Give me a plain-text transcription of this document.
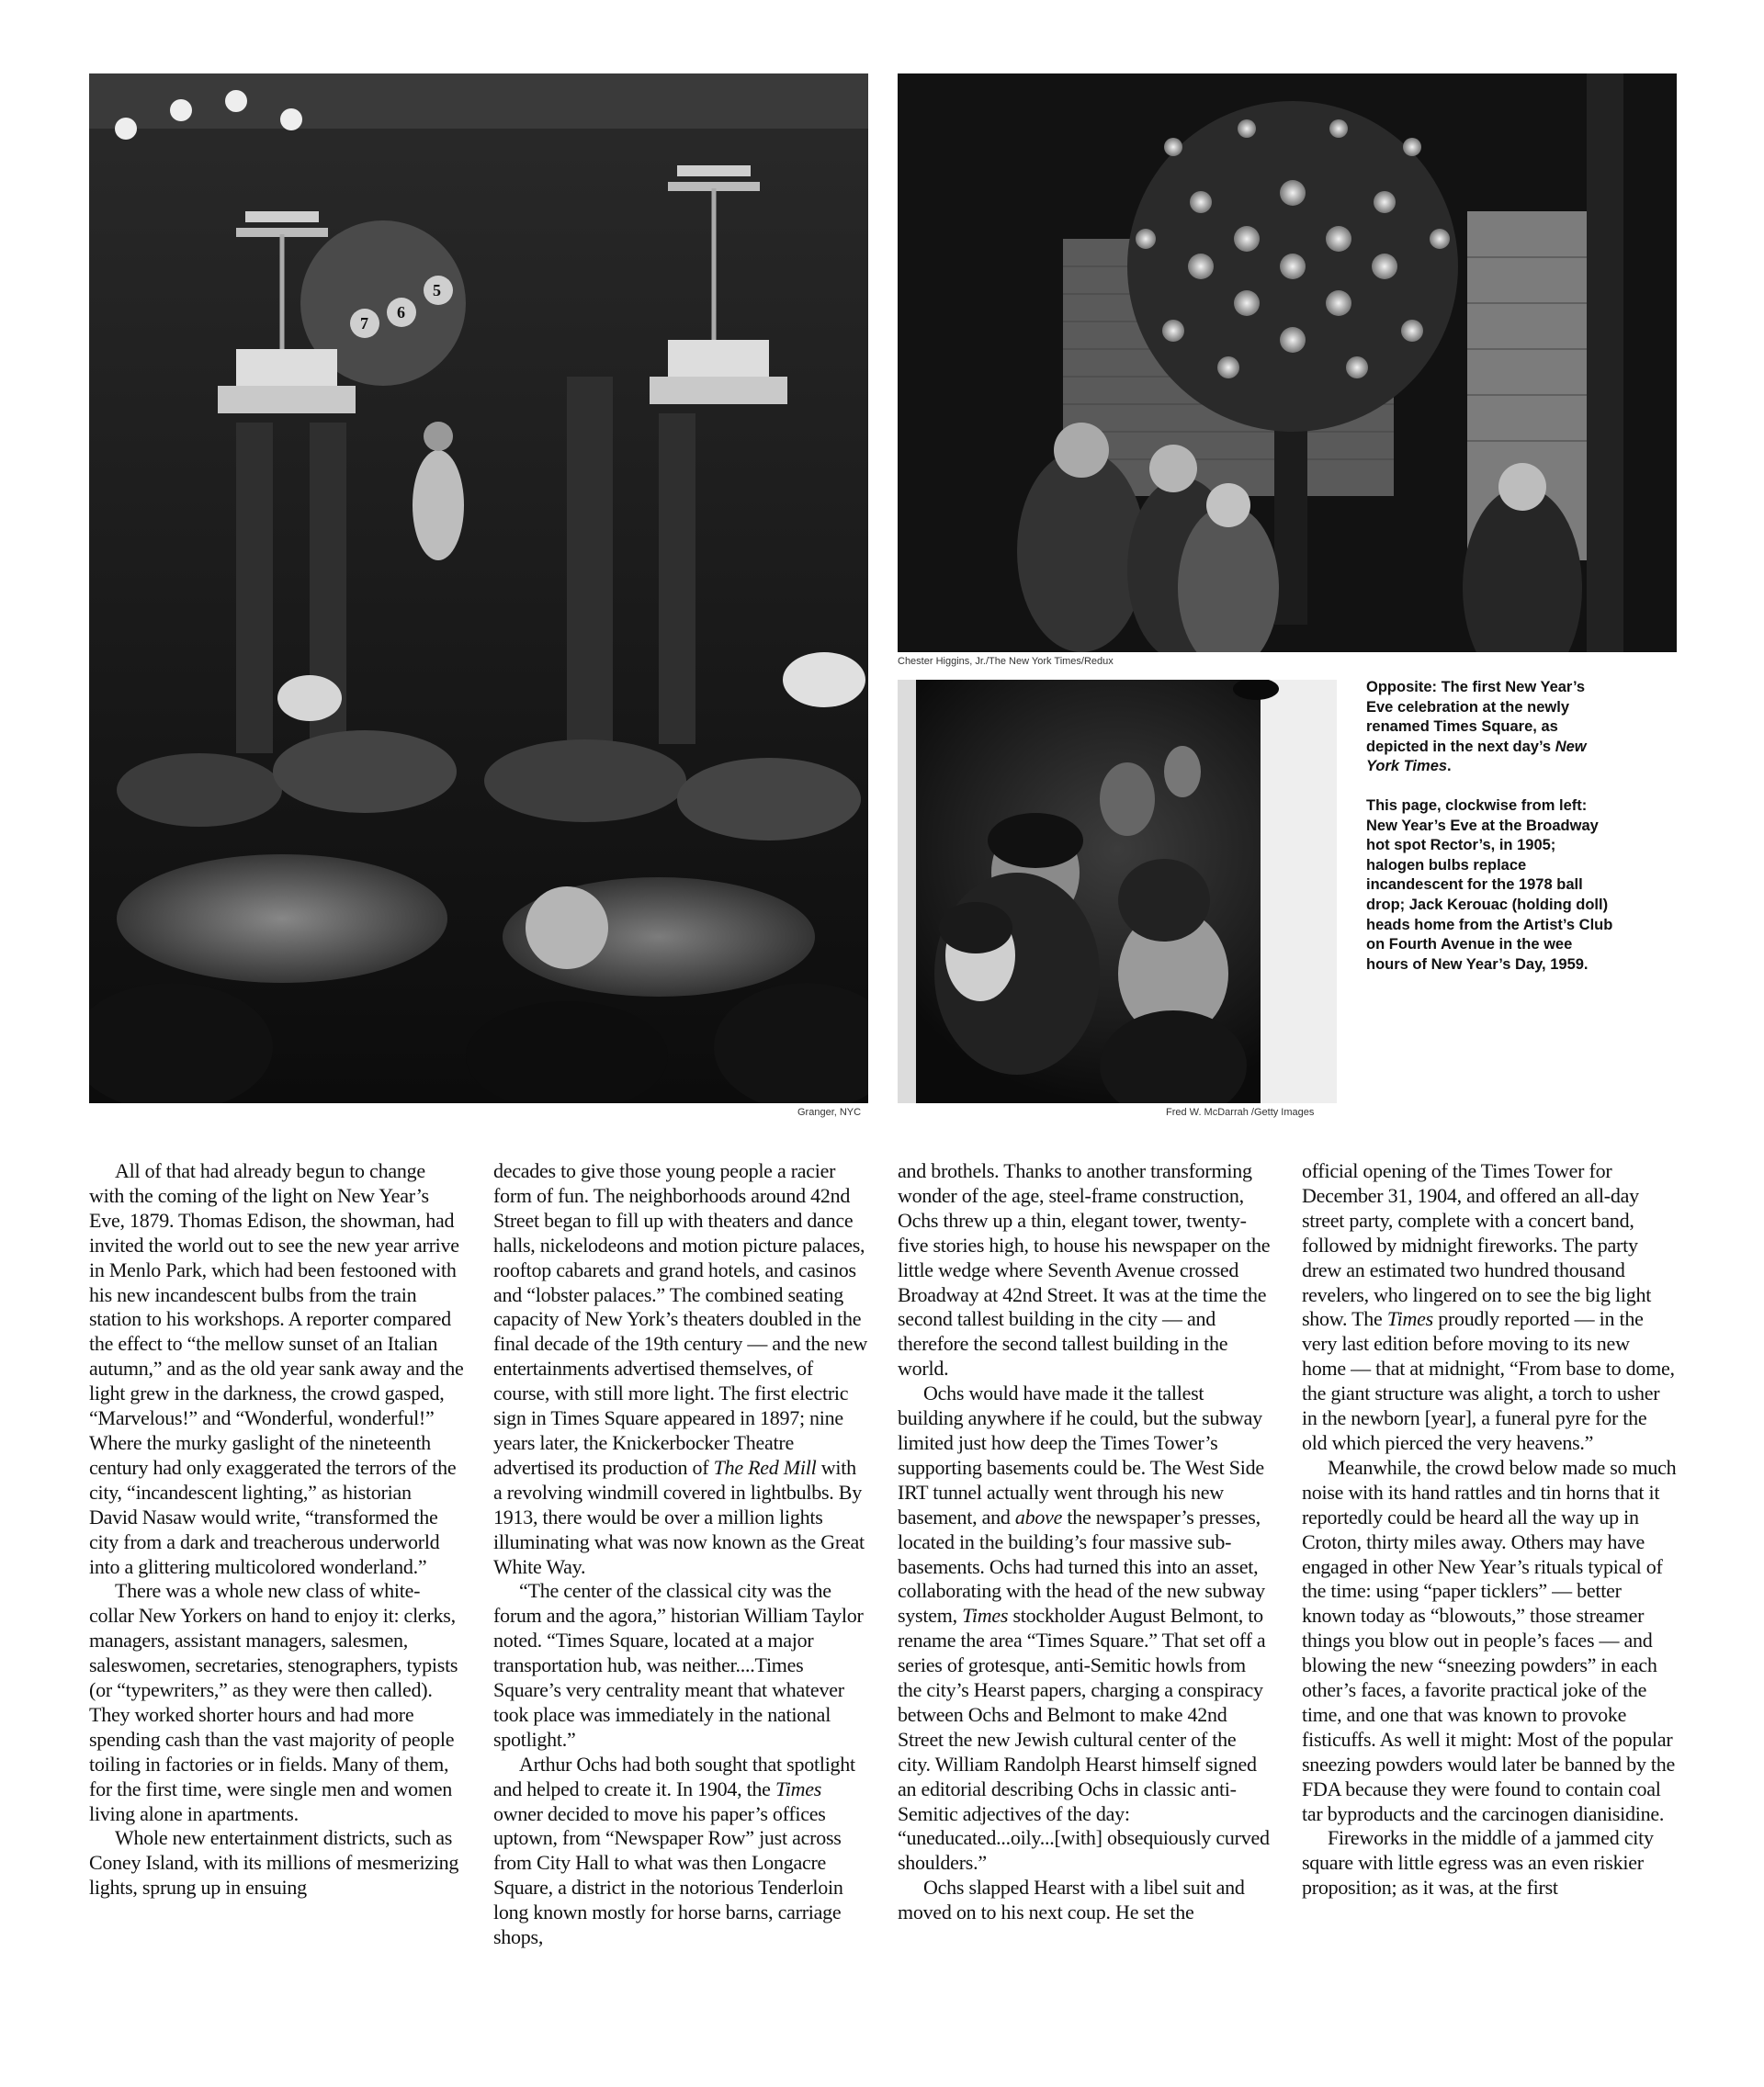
6
5
7
Granger, NYC
Chester Higgins, Jr./The New York Times/Redux
Fred W. McDarrah /Getty Images

Opposite: The first New Year’s Eve celebration at the newly renamed Times Square, as depicted in the next day’s New York Times.

This page, clockwise from left: New Year’s Eve at the Broadway hot spot Rector’s, in 1905; halogen bulbs replace incandescent for the 1978 ball drop; Jack Kerouac (holding doll) heads home from the Artist’s Club on Fourth Avenue in the wee hours of New Year’s Day, 1959.

All of that had already begun to change with the coming of the light on New Year’s Eve, 1879. Thomas Edison, the showman, had invited the world out to see the new year arrive in Menlo Park, which had been festooned with his new incandescent bulbs from the train station to his workshops. A reporter compared the effect to “the mellow sunset of an Italian autumn,” and as the old year sank away and the light grew in the darkness, the crowd gasped, “Marvelous!” and “Wonderful, wonderful!” Where the murky gaslight of the nineteenth century had only exaggerated the terrors of the city, “incandescent lighting,” as historian David Nasaw would write, “transformed the city from a dark and treacherous underworld into a glittering multicolored wonderland.”

There was a whole new class of white-collar New Yorkers on hand to enjoy it: clerks, managers, assistant managers, salesmen, saleswomen, secretaries, stenographers, typists (or “typewriters,” as they were then called). They worked shorter hours and had more spending cash than the vast majority of people toiling in factories or in fields. Many of them, for the first time, were single men and women living alone in apartments.

Whole new entertainment districts, such as Coney Island, with its millions of mesmerizing lights, sprung up in ensuing

decades to give those young people a racier form of fun. The neighborhoods around 42nd Street began to fill up with theaters and dance halls, nickelodeons and motion picture palaces, rooftop cabarets and grand hotels, and casinos and “lobster palaces.” The combined seating capacity of New York’s theaters doubled in the final decade of the 19th century — and the new entertainments advertised themselves, of course, with still more light. The first electric sign in Times Square appeared in 1897; nine years later, the Knickerbocker Theatre advertised its production of The Red Mill with a revolving windmill covered in lightbulbs. By 1913, there would be over a million lights illuminating what was now known as the Great White Way.

“The center of the classical city was the forum and the agora,” historian William Taylor noted. “Times Square, located at a major transportation hub, was neither....Times Square’s very centrality meant that whatever took place was immediately in the national spotlight.”

Arthur Ochs had both sought that spotlight and helped to create it. In 1904, the Times owner decided to move his paper’s offices uptown, from “Newspaper Row” just across from City Hall to what was then Longacre Square, a district in the notorious Tenderloin long known mostly for horse barns, carriage shops,

and brothels. Thanks to another transforming wonder of the age, steel-frame construction, Ochs threw up a thin, elegant tower, twenty-five stories high, to house his newspaper on the little wedge where Seventh Avenue crossed Broadway at 42nd Street. It was at the time the second tallest building in the city — and therefore the second tallest building in the world.

Ochs would have made it the tallest building anywhere if he could, but the subway limited just how deep the Times Tower’s supporting basements could be. The West Side IRT tunnel actually went through his new basement, and above the newspaper’s presses, located in the building’s four massive sub-basements. Ochs had turned this into an asset, collaborating with the head of the new subway system, Times stockholder August Belmont, to rename the area “Times Square.” That set off a series of grotesque, anti-Semitic howls from the city’s Hearst papers, charging a conspiracy between Ochs and Belmont to make 42nd Street the new Jewish cultural center of the city. William Randolph Hearst himself signed an editorial describing Ochs in classic anti-Semitic adjectives of the day: “uneducated...oily...[with] obsequiously curved shoulders.”

Ochs slapped Hearst with a libel suit and moved on to his next coup. He set the

official opening of the Times Tower for December 31, 1904, and offered an all-day street party, complete with a concert band, followed by midnight fireworks. The party drew an estimated two hundred thousand revelers, who lingered on to see the big light show. The Times proudly reported — in the very last edition before moving to its new home — that at midnight, “From base to dome, the giant structure was alight, a torch to usher in the newborn [year], a funeral pyre for the old which pierced the very heavens.”

Meanwhile, the crowd below made so much noise with its hand rattles and tin horns that it reportedly could be heard all the way up in Croton, thirty miles away. Others may have engaged in other New Year’s rituals typical of the time: using “paper ticklers” — better known today as “blowouts,” those streamer things you blow out in people’s faces — and blowing the new “sneezing powders” in each other’s faces, a favorite practical joke of the time, and one that was known to provoke fisticuffs. As well it might: Most of the popular sneezing powders would later be banned by the FDA because they were found to contain coal tar byproducts and the carcinogen dianisidine.

Fireworks in the middle of a jammed city square with little egress was an even riskier proposition; as it was, at the first
